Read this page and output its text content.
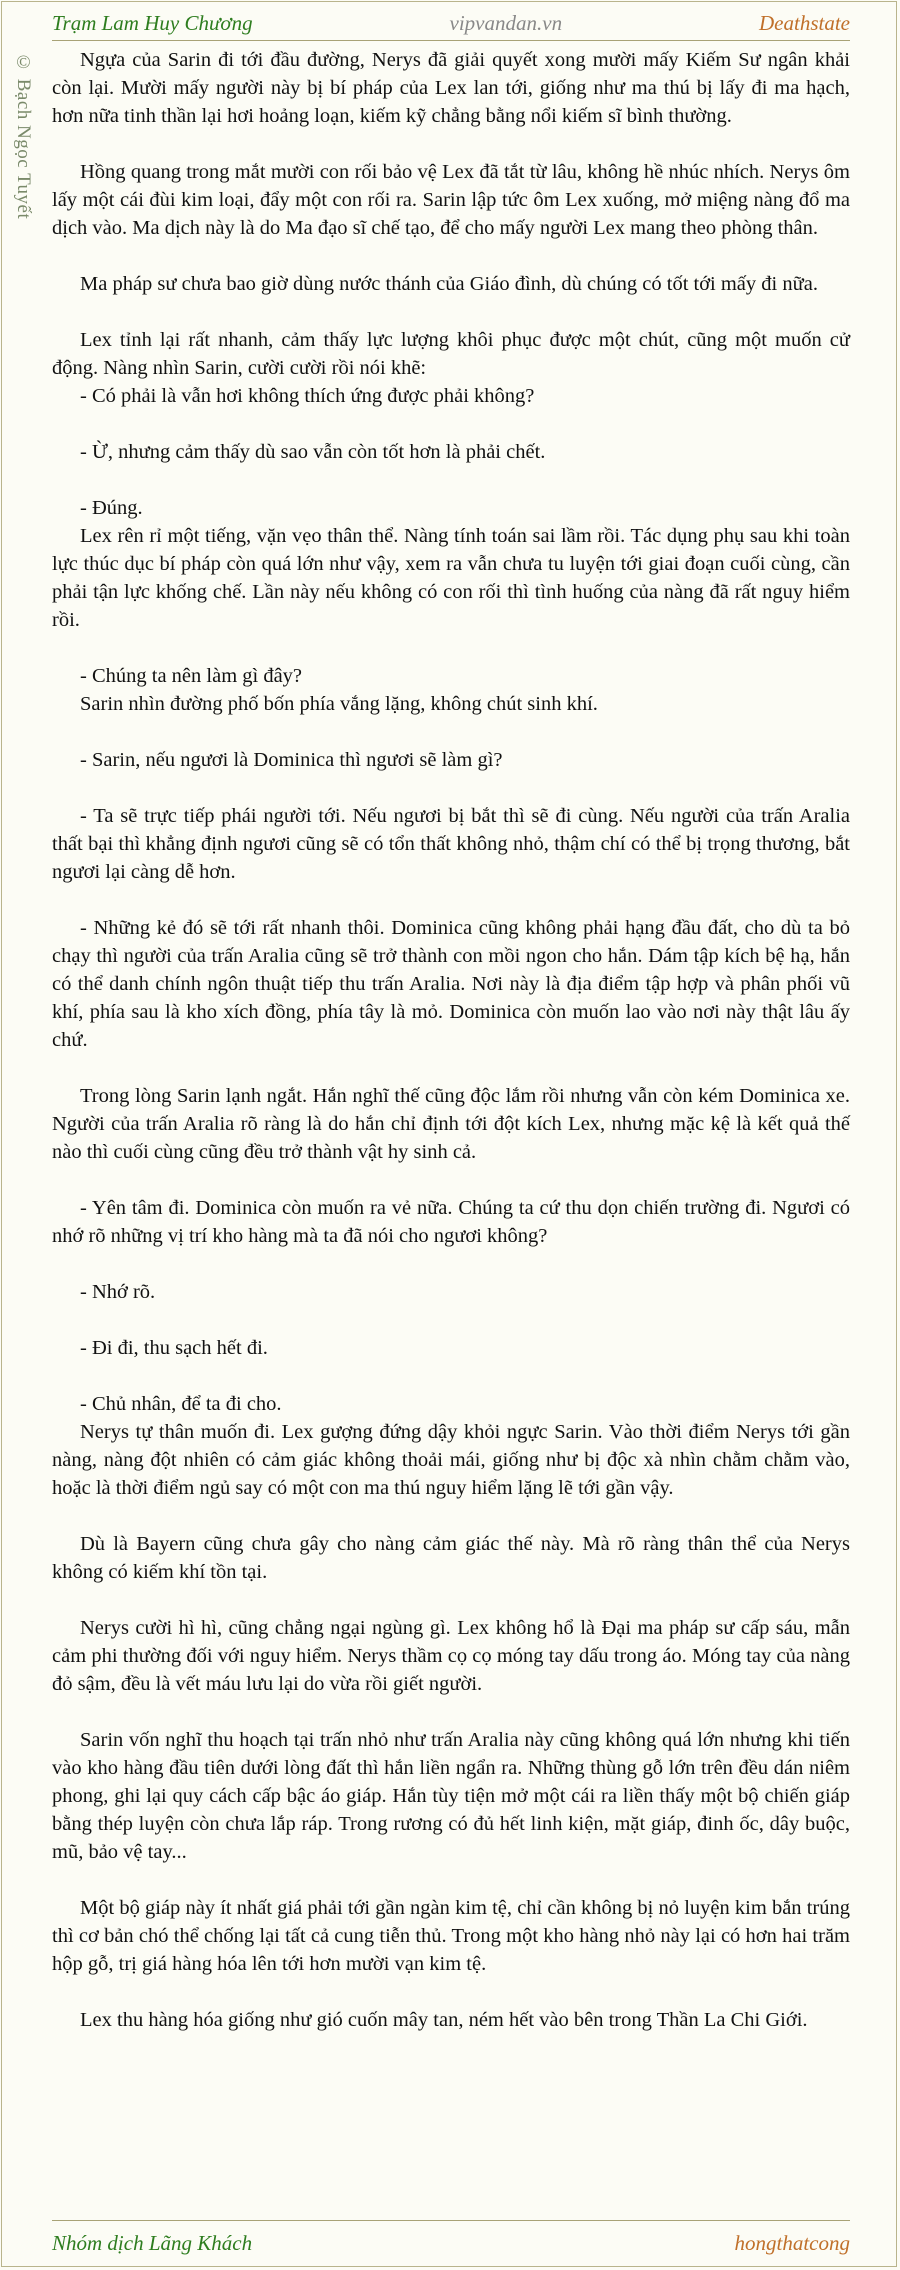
Trạm Lam Huy Chương	vipvandan.vn	Deathstate
© Bạch Ngọc Tuyết	Ngựa của Sarin đi tới đầu đường, Nerys đã giải quyết xong mười mấy Kiếm Sư ngân khải còn lại. Mười mấy người này bị bí pháp của Lex lan tới, giống như ma thú bị lấy đi ma hạch, hơn nữa tinh thần lại hơi hoảng loạn, kiếm kỹ chẳng bằng nổi kiếm sĩ bình thường.

Hồng quang trong mắt mười con rối bảo vệ Lex đã tắt từ lâu, không hề nhúc nhích. Nerys ôm lấy một cái đùi kim loại, đẩy một con rối ra. Sarin lập tức ôm Lex xuống, mở miệng nàng đổ ma dịch vào. Ma dịch này là do Ma đạo sĩ chế tạo, để cho mấy người Lex mang theo phòng thân.

Ma pháp sư chưa bao giờ dùng nước thánh của Giáo đình, dù chúng có tốt tới mấy đi nữa.

Lex tỉnh lại rất nhanh, cảm thấy lực lượng khôi phục được một chút, cũng một muốn cử động. Nàng nhìn Sarin, cười cười rồi nói khẽ:

- Có phải là vẫn hơi không thích ứng được phải không?

- Ừ, nhưng cảm thấy dù sao vẫn còn tốt hơn là phải chết.

- Đúng.

Lex rên rỉ một tiếng, vặn vẹo thân thể. Nàng tính toán sai lầm rồi. Tác dụng phụ sau khi toàn lực thúc dục bí pháp còn quá lớn như vậy, xem ra vẫn chưa tu luyện tới giai đoạn cuối cùng, cần phải tận lực khống chế. Lần này nếu không có con rối thì tình huống của nàng đã rất nguy hiểm rồi.

- Chúng ta nên làm gì đây?

Sarin nhìn đường phố bốn phía vắng lặng, không chút sinh khí.

- Sarin, nếu ngươi là Dominica thì ngươi sẽ làm gì?

- Ta sẽ trực tiếp phái người tới. Nếu ngươi bị bắt thì sẽ đi cùng. Nếu người của trấn Aralia thất bại thì khẳng định ngươi cũng sẽ có tổn thất không nhỏ, thậm chí có thể bị trọng thương, bắt ngươi lại càng dễ hơn.

- Những kẻ đó sẽ tới rất nhanh thôi. Dominica cũng không phải hạng đầu đất, cho dù ta bỏ chạy thì người của trấn Aralia cũng sẽ trở thành con mồi ngon cho hắn. Dám tập kích bệ hạ, hắn có thể danh chính ngôn thuật tiếp thu trấn Aralia. Nơi này là địa điểm tập hợp và phân phối vũ khí, phía sau là kho xích đồng, phía tây là mỏ. Dominica còn muốn lao vào nơi này thật lâu ấy chứ.

Trong lòng Sarin lạnh ngắt. Hắn nghĩ thế cũng độc lắm rồi nhưng vẫn còn kém Dominica xe. Người của trấn Aralia rõ ràng là do hắn chỉ định tới đột kích Lex, nhưng mặc kệ là kết quả thế nào thì cuối cùng cũng đều trở thành vật hy sinh cả.

- Yên tâm đi. Dominica còn muốn ra vẻ nữa. Chúng ta cứ thu dọn chiến trường đi. Ngươi có nhớ rõ những vị trí kho hàng mà ta đã nói cho ngươi không?

- Nhớ rõ.

- Đi đi, thu sạch hết đi.

- Chủ nhân, để ta đi cho.

Nerys tự thân muốn đi. Lex gượng đứng dậy khỏi ngực Sarin. Vào thời điểm Nerys tới gần nàng, nàng đột nhiên có cảm giác không thoải mái, giống như bị độc xà nhìn chằm chằm vào, hoặc là thời điểm ngủ say có một con ma thú nguy hiểm lặng lẽ tới gần vậy.

Dù là Bayern cũng chưa gây cho nàng cảm giác thế này. Mà rõ ràng thân thể của Nerys không có kiếm khí tồn tại.

Nerys cười hì hì, cũng chẳng ngại ngùng gì. Lex không hổ là Đại ma pháp sư cấp sáu, mẫn cảm phi thường đối với nguy hiểm. Nerys thầm cọ cọ móng tay dấu trong áo. Móng tay của nàng đỏ sậm, đều là vết máu lưu lại do vừa rồi giết người.

Sarin vốn nghĩ thu hoạch tại trấn nhỏ như trấn Aralia này cũng không quá lớn nhưng khi tiến vào kho hàng đầu tiên dưới lòng đất thì hắn liền ngẩn ra. Những thùng gỗ lớn trên đều dán niêm phong, ghi lại quy cách cấp bậc áo giáp. Hắn tùy tiện mở một cái ra liền thấy một bộ chiến giáp bằng thép luyện còn chưa lắp ráp. Trong rương có đủ hết linh kiện, mặt giáp, đinh ốc, dây buộc, mũ, bảo vệ tay...

Một bộ giáp này ít nhất giá phải tới gần ngàn kim tệ, chỉ cần không bị nỏ luyện kim bắn trúng thì cơ bản chó thể chống lại tất cả cung tiễn thủ. Trong một kho hàng nhỏ này lại có hơn hai trăm hộp gỗ, trị giá hàng hóa lên tới hơn mười vạn kim tệ.

Lex thu hàng hóa giống như gió cuốn mây tan, ném hết vào bên trong Thần La Chi Giới.

Nhóm dịch Lãng Khách	hongthatcong
